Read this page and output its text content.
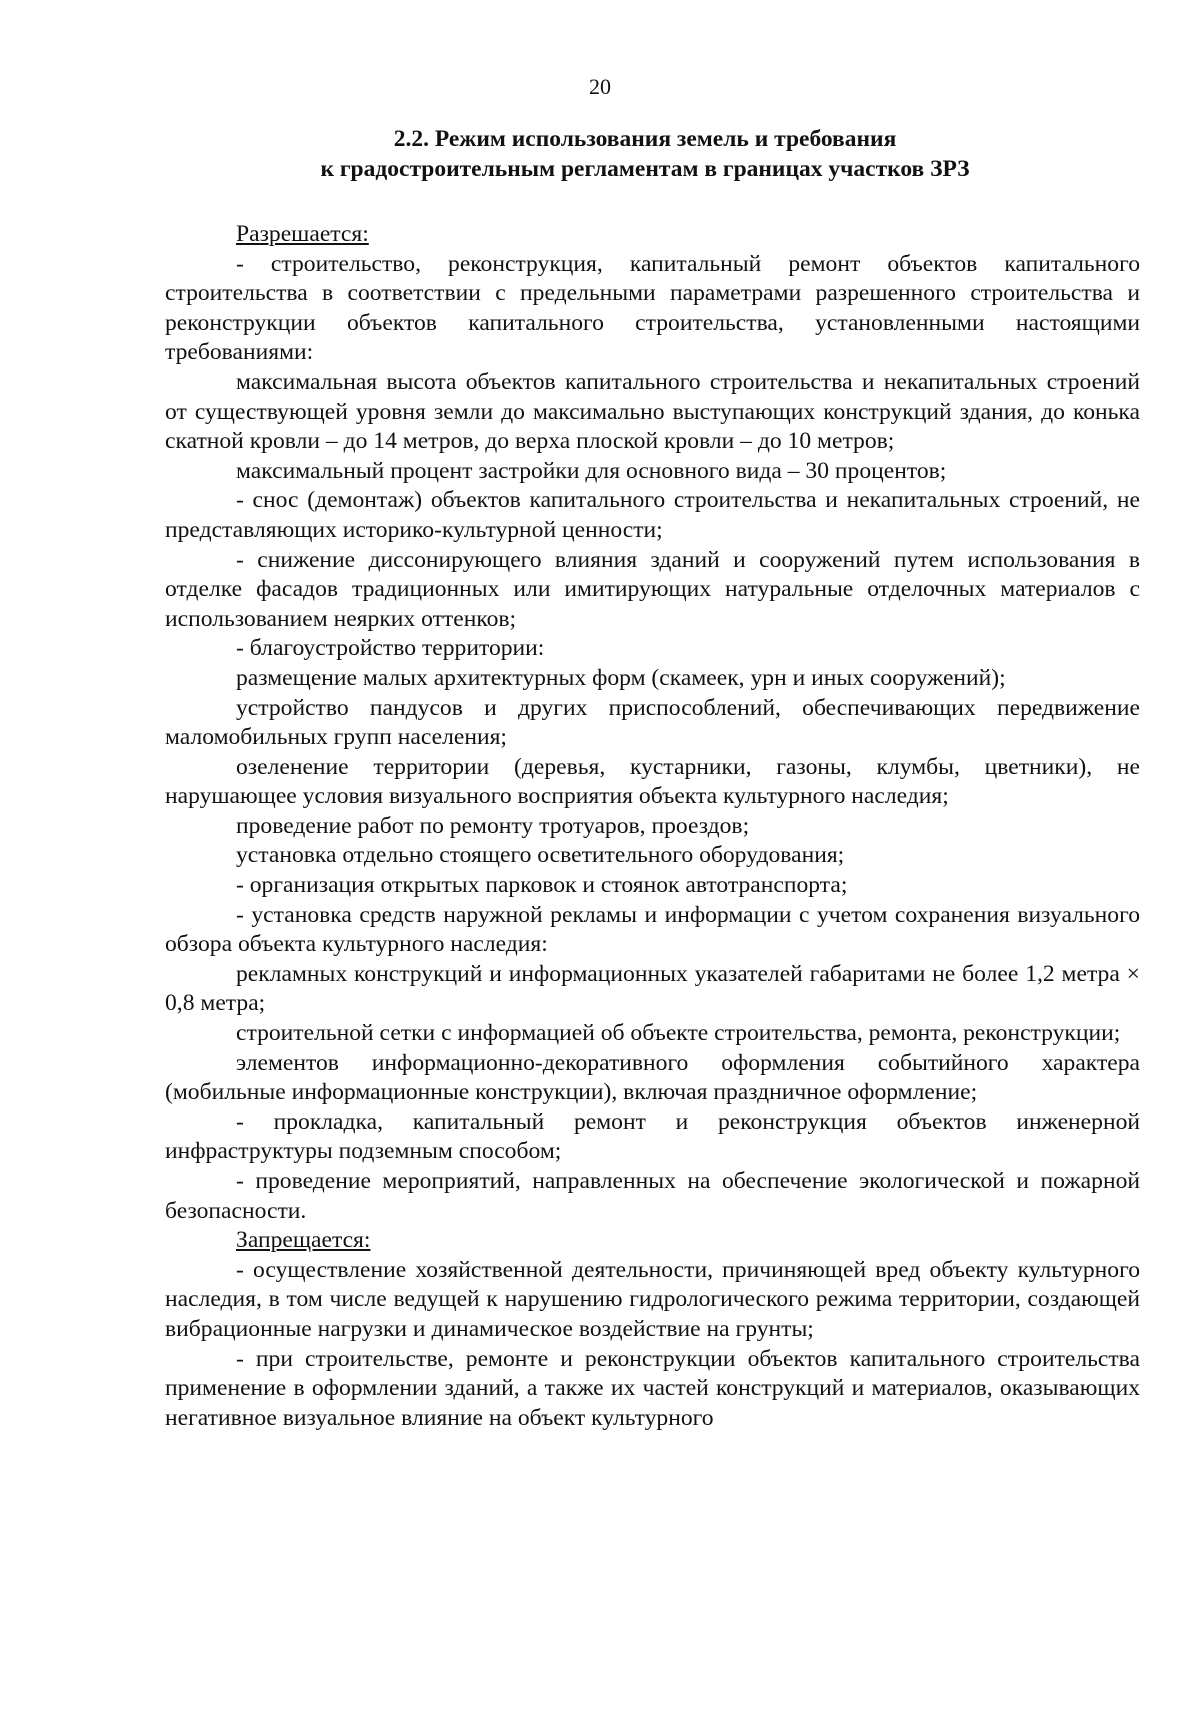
20
2.2. Режим использования земель и требования
к градостроительным регламентам в границах участков ЗРЗ

Разрешается:

- строительство, реконструкция, капитальный ремонт объектов капитального строительства в соответствии с предельными параметрами разрешенного строительства и реконструкции объектов капитального строительства, установленными настоящими требованиями:

максимальная высота объектов капитального строительства и некапитальных строений от существующей уровня земли до максимально выступающих конструкций здания, до конька скатной кровли – до 14 метров, до верха плоской кровли – до 10 метров;

максимальный процент застройки для основного вида – 30 процентов;

- снос (демонтаж) объектов капитального строительства и некапитальных строений, не представляющих историко-культурной ценности;

- снижение диссонирующего влияния зданий и сооружений путем использования в отделке фасадов традиционных или имитирующих натуральные отделочных материалов с использованием неярких оттенков;

- благоустройство территории:

размещение малых архитектурных форм (скамеек, урн и иных сооружений);

устройство пандусов и других приспособлений, обеспечивающих передвижение маломобильных групп населения;

озеленение территории (деревья, кустарники, газоны, клумбы, цветники), не нарушающее условия визуального восприятия объекта культурного наследия;

проведение работ по ремонту тротуаров, проездов;

установка отдельно стоящего осветительного оборудования;

- организация открытых парковок и стоянок автотранспорта;

- установка средств наружной рекламы и информации с учетом сохранения визуального обзора объекта культурного наследия:

рекламных конструкций и информационных указателей габаритами не более 1,2 метра × 0,8 метра;

строительной сетки с информацией об объекте строительства, ремонта, реконструкции;

элементов информационно-декоративного оформления событийного характера (мобильные информационные конструкции), включая праздничное оформление;

- прокладка, капитальный ремонт и реконструкция объектов инженерной инфраструктуры подземным способом;

- проведение мероприятий, направленных на обеспечение экологической и пожарной безопасности.

Запрещается:

- осуществление хозяйственной деятельности, причиняющей вред объекту культурного наследия, в том числе ведущей к нарушению гидрологического режима территории, создающей вибрационные нагрузки и динамическое воздействие на грунты;

- при строительстве, ремонте и реконструкции объектов капитального строительства применение в оформлении зданий, а также их частей конструкций и материалов, оказывающих негативное визуальное влияние на объект культурного
